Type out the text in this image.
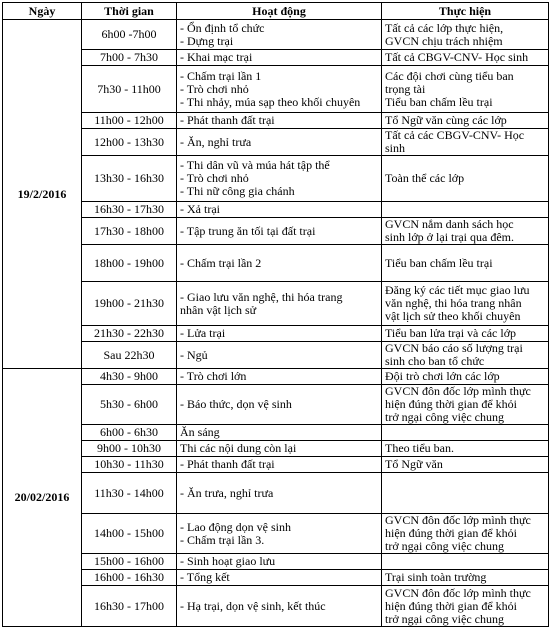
Ngày	Thời gian	Hoạt động	Thực hiện
19/2/2016	6h00 -7h00	- Ổn định tổ chức
- Dựng trại	Tất cả các lớp thực hiện,
GVCN chịu trách nhiệm

	7h00 - 7h30	- Khai mạc trại	Tất cả CBGV-CNV- Học sinh

	7h30 - 11h00	- Chấm trại lần 1
- Trò chơi nhỏ
- Thi nhảy, múa sạp theo khối chuyên	Các đội chơi cùng tiểu ban
trọng tài
Tiểu ban chấm lều trại

	11h00 - 12h00	- Phát thanh đất trại	Tổ Ngữ văn cùng các lớp

	12h00 - 13h30	- Ăn, nghỉ trưa	Tất cả các CBGV-CNV- Học
sinh

	13h30 - 16h30	- Thi dân vũ và múa hát tập thể
- Trò chơi nhỏ
- Thi nữ công gia chánh	Toàn thể các lớp

	16h30 - 17h30	- Xả trại	

	17h30 - 18h00	- Tập trung ăn tối tại đất trại	GVCN nắm danh sách học
sinh lớp ở lại trại qua đêm.

	18h00 - 19h00	- Chấm trại lần 2	Tiểu ban chấm lều trại

	19h00 - 21h30	- Giao lưu văn nghệ, thi hóa trang
nhân vật lịch sử	Đăng ký các tiết mục giao lưu
văn nghệ, thi hóa trang nhân
vật lịch sử theo khối chuyên

	21h30 - 22h30	- Lửa trại	Tiểu ban lửa trại và các lớp

	Sau 22h30	- Ngủ	GVCN báo cáo số lượng trại
sinh cho ban tổ chức

20/02/2016	4h30 - 9h00	- Trò chơi lớn	Đội trò chơi lớn các lớp

	5h30 - 6h00	- Báo thức, dọn vệ sinh	GVCN đôn đốc lớp mình thực
hiện đúng thời gian để khỏi
trở ngại công việc chung

	6h00 - 6h30	Ăn sáng	

	9h00 - 10h30	Thi các nội dung còn lại	Theo tiểu ban.

	10h30 - 11h30	- Phát thanh đất trại	Tổ Ngữ văn

	11h30 - 14h00	- Ăn trưa, nghỉ trưa	

	14h00 - 15h00	- Lao động dọn vệ sinh
- Chấm trại lần 3.	GVCN đôn đốc lớp mình thực
hiện đúng thời gian để khỏi
trở ngại công việc chung

	15h00 - 16h00	- Sinh hoạt giao lưu	

	16h00 - 16h30	- Tổng kết	Trại sinh toàn trường

	16h30 - 17h00	- Hạ trại, dọn vệ sinh, kết thúc	GVCN đôn đốc lớp mình thực
hiện đúng thời gian để khỏi
trở ngại công việc chung
